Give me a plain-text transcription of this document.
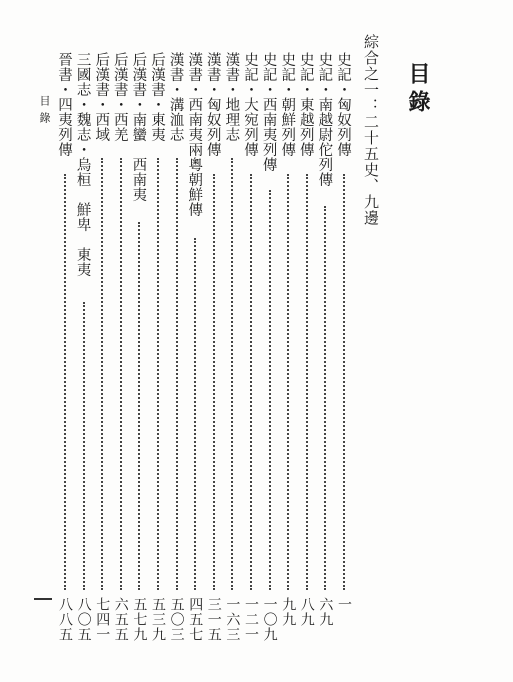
目錄
綜合之一：二十五史、九邊
史記・匈奴列傳
一
史記・南越尉佗列傳
六九
史記・東越列傳
八九
史記・朝鮮列傳
九九
史記・西南夷列傳
一〇九
史記・大宛列傳
一二一
漢書・地理志
一六三
漢書・匈奴列傳
三一五
漢書・西南夷兩粵朝鮮傳
四五七
漢書・溝洫志
五〇三
后漢書・東夷
五三九
后漢書・南蠻　西南夷
五七九
后漢書・西羌
六五五
后漢書・西域
七四一
三國志・魏志・烏桓　鮮卑　東夷
八〇五
晉書・四夷列傳
八八五
目錄
